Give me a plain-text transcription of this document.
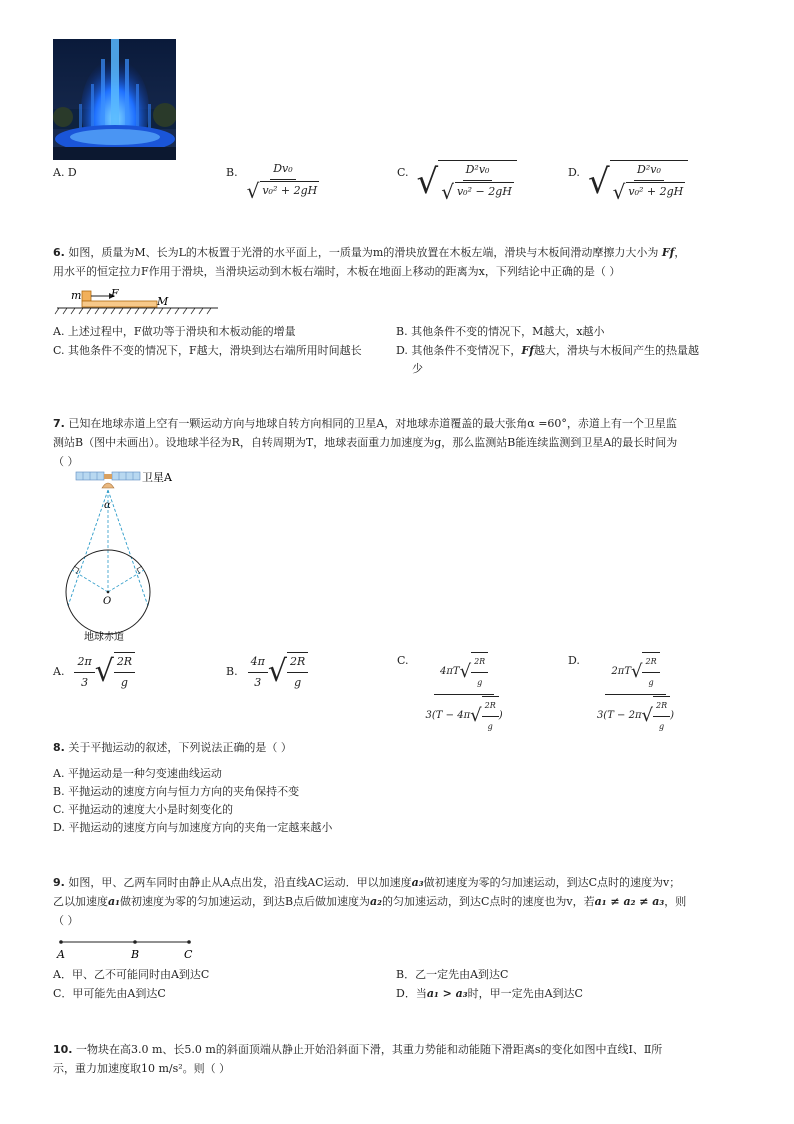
A. D	B. $\frac{\text{Dv₀}}{\text{√ v₀² + 2gH}}$	C. √ $\frac{\text{D²v₀}}{\text{√ v₀² − 2gH}}$	D. √ $\frac{\text{D²v₀}}{\text{√ v₀² + 2gH}}$
6. 如图，质量为M、长为L的木板置于光滑的水平面上，一质量为m的滑块放置在木板左端，滑块与木板间滑动摩擦力大小为 Ff，
用水平的恒定拉力F作用于滑块，当滑块运动到木板右端时，木板在地面上移动的距离为x，下列结论中正确的是（ ）
m	F
M
A. 上述过程中，F做功等于滑块和木板动能的增量	B. 其他条件不变的情况下，M越大，x越小
C. 其他条件不变的情况下，F越大，滑块到达右端所用时间越长	D. 其他条件不变情况下，Ff越大，滑块与木板间产生的热量越
少
7. 已知在地球赤道上空有一颗运动方向与地球自转方向相同的卫星A，对地球赤道覆盖的最大张角α =60°，赤道上有一个卫星监
测站B（图中未画出）。设地球半径为R，自转周期为T，地球表面重力加速度为g，那么监测站B能连续监测到卫星A的最长时间为
（ ）
卫星A
α
O
地球赤道
A. $\frac{2\pi}{3}$ √ $\frac{2R}{g}$	B. $\frac{4\pi}{3}$ √ $\frac{2R}{g}$	C. $\frac{4\pi T √ \frac{2R}{g}}{3(T - 4\pi √ \frac{2R}{g} )}$	D. $\frac{2\pi T √ \frac{2R}{g}}{3(T - 2\pi √ \frac{2R}{g} )}$
8. 关于平抛运动的叙述，下列说法正确的是（ ）
A. 平抛运动是一种匀变速曲线运动
B. 平抛运动的速度方向与恒力方向的夹角保持不变
C. 平抛运动的速度大小是时刻变化的
D. 平抛运动的速度方向与加速度方向的夹角一定越来越小
9. 如图，甲、乙两车同时由静止从A点出发，沿直线AC运动．甲以加速度a₃做初速度为零的匀加速运动，到达C点时的速度为v；
乙以加速度a₁做初速度为零的匀加速运动，到达B点后做加速度为a₂的匀加速运动，到达C点时的速度也为v，若a₁ ≠ a₂ ≠ a₃，则
（ ）
A	B	C
A．甲、乙不可能同时由A到达C	B．乙一定先由A到达C
C．甲可能先由A到达C	D．当a₁ > a₃时，甲一定先由A到达C
10. 一物块在高3.0 m、长5.0 m的斜面顶端从静止开始沿斜面下滑，其重力势能和动能随下滑距离s的变化如图中直线Ⅰ、Ⅱ所
示，重力加速度取10 m/s²。则（ ）
